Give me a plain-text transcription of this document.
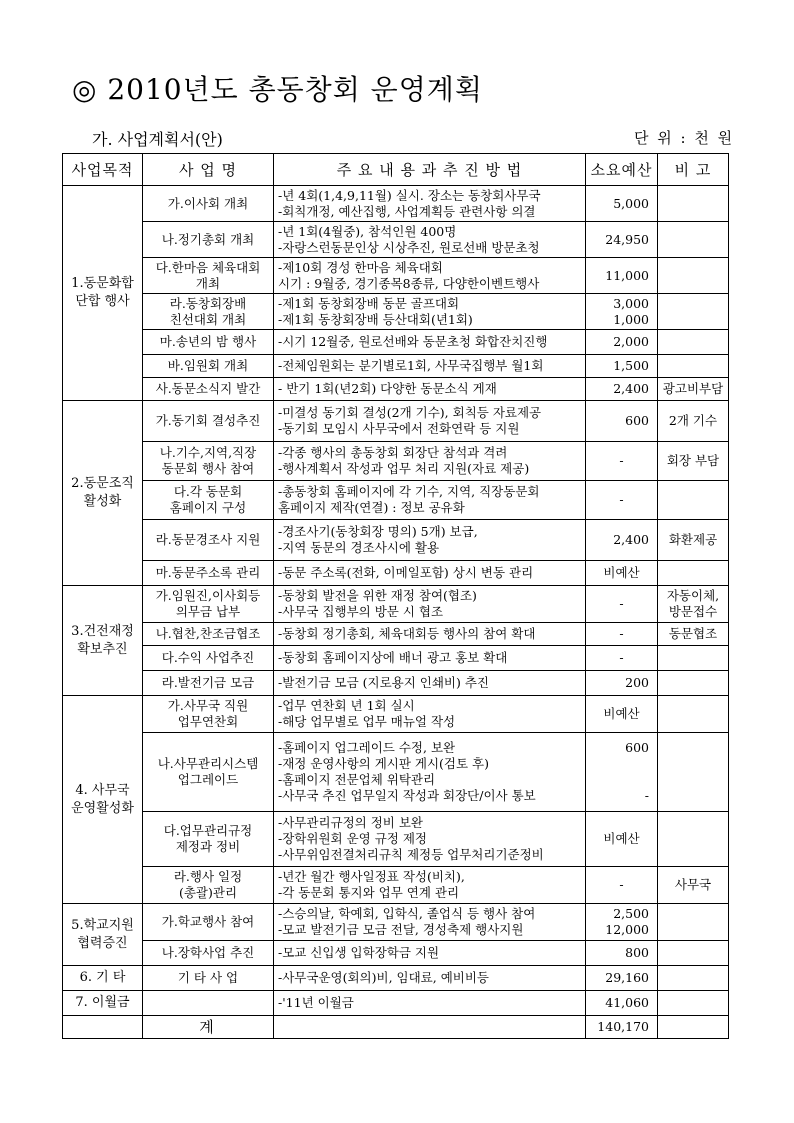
◎ 2010년도 총동창회 운영계획
가. 사업계획서(안)	단 위 : 천 원
사업목적	사 업 명	주 요 내 용 과 추 진 방 법	소요예산	비 고

1.동문화합
단합 행사	가.이사회 개최	-년 4회(1,4,9,11월) 실시. 장소는 동창회사무국
-회칙개정, 예산집행, 사업계획등 관련사항 의결	5,000	

	나.정기총회 개최	-년 1회(4월중), 참석인원 400명
-자랑스런동문인상 시상추진, 원로선배 방문초청	24,950	

	다.한마음 체육대회
개최	-제10회 경성 한마음 체육대회
시기 : 9월중, 경기종목8종류, 다양한이벤트행사	11,000	

	라.동창회장배
친선대회 개최	-제1회 동창회장배 동문 골프대회
-제1회 동창회장배 등산대회(년1회)	3,000
1,000	

	마.송년의 밤 행사	-시기 12월중, 원로선배와 동문초청 화합잔치진행	2,000	

	바.임원회 개최	-전체임원회는 분기별로1회, 사무국집행부 월1회	1,500	

	사.동문소식지 발간	- 반기 1회(년2회) 다양한 동문소식 게재	2,400	광고비부담

2.동문조직
활성화	가.동기회 결성추진	-미결성 동기회 결성(2개 기수), 회칙등 자료제공
-동기회 모임시 사무국에서 전화연락 등 지원	600	2개 기수

	나.기수,지역,직장
동문회 행사 참여	-각종 행사의 총동창회 회장단 참석과 격려
-행사계획서 작성과 업무 처리 지원(자료 제공)	-	회장 부담

	다.각 동문회
홈페이지 구성	-총동창회 홈페이지에 각 기수, 지역, 직장동문회
홈페이지 제작(연결) : 정보 공유화	-	

	라.동문경조사 지원	-경조사기(동창회장 명의) 5개) 보급,
-지역 동문의 경조사시에 활용	2,400	화환제공

	마.동문주소록 관리	-동문 주소록(전화, 이메일포함) 상시 변동 관리	비예산	

3.건전재정
확보추진	가.임원진,이사회등
의무금 납부	-동창회 발전을 위한 재정 참여(협조)
-사무국 집행부의 방문 시 협조	-	자동이체,
방문접수

	나.협찬,찬조금협조	-동창회 정기총회, 체육대회등 행사의 참여 확대	-	동문협조

	다.수익 사업추진	-동창회 홈페이지상에 배너 광고 홍보 확대	-	

	라.발전기금 모금	-발전기금 모금 (지로용지 인쇄비) 추진	200	

4. 사무국
운영활성화	가.사무국 직원
업무연찬회	-업무 연찬회 년 1회 실시
-해당 업무별로 업무 매뉴얼 작성	비예산	

	나.사무관리시스템
업그레이드	-홈페이지 업그레이드 수정, 보완
-재정 운영사항의 게시판 게시(검토 후)
-홈페이지 전문업체 위탁관리
-사무국 추진 업무일지 작성과 회장단/이사 통보	600

-	

	다.업무관리규정
제정과 정비	-사무관리규정의 정비 보완
-장학위원회 운영 규정 제정
-사무위임전결처리규칙 제정등 업무처리기준정비	비예산	

	라.행사 일정
(총괄)관리	-년간 월간 행사일정표 작성(비치),
-각 동문회 통지와 업무 연계 관리	-	사무국

5.학교지원
협력증진	가.학교행사 참여	-스승의날, 학예회, 입학식, 졸업식 등 행사 참여
-모교 발전기금 모금 전달, 경성축제 행사지원	2,500
12,000	

	나.장학사업 추진	-모교 신입생 입학장학금 지원	800	

6. 기 타	기 타 사 업	-사무국운영(회의)비, 임대료, 예비비등	29,160	

7. 이월금		-'11년 이월금	41,060	

	계		140,170	
